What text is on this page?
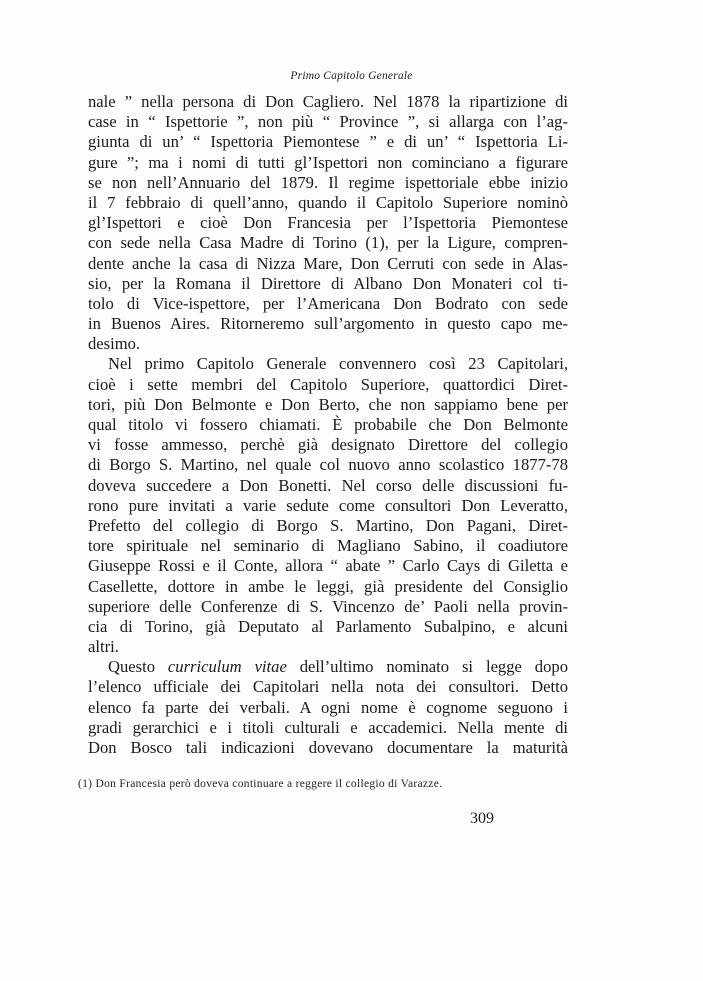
Primo Capitolo Generale
nale ” nella persona di Don Cagliero. Nel 1878 la ripartizione di
case in “ Ispettorie ”, non più “ Province ”, si allarga con l’ag-
giunta di un’ “ Ispettoria Piemontese ” e di un’ “ Ispettoria Li-
gure ”; ma i nomi di tutti gl’Ispettori non cominciano a figurare
se non nell’Annuario del 1879. Il regime ispettoriale ebbe inizio
il 7 febbraio di quell’anno, quando il Capitolo Superiore nominò
gl’Ispettori e cioè Don Francesia per l’Ispettoria Piemontese
con sede nella Casa Madre di Torino (1), per la Ligure, compren-
dente anche la casa di Nizza Mare, Don Cerruti con sede in Alas-
sio, per la Romana il Direttore di Albano Don Monateri col ti-
tolo di Vice-ispettore, per l’Americana Don Bodrato con sede
in Buenos Aires. Ritorneremo sull’argomento in questo capo me-
desimo.
Nel primo Capitolo Generale convennero così 23 Capitolari,
cioè i sette membri del Capitolo Superiore, quattordici Diret-
tori, più Don Belmonte e Don Berto, che non sappiamo bene per
qual titolo vi fossero chiamati. È probabile che Don Belmonte
vi fosse ammesso, perchè già designato Direttore del collegio
di Borgo S. Martino, nel quale col nuovo anno scolastico 1877-78
doveva succedere a Don Bonetti. Nel corso delle discussioni fu-
rono pure invitati a varie sedute come consultori Don Leveratto,
Prefetto del collegio di Borgo S. Martino, Don Pagani, Diret-
tore spirituale nel seminario di Magliano Sabino, il coadiutore
Giuseppe Rossi e il Conte, allora “ abate ” Carlo Cays di Giletta e
Casellette, dottore in ambe le leggi, già presidente del Consiglio
superiore delle Conferenze di S. Vincenzo de’ Paoli nella provin-
cia di Torino, già Deputato al Parlamento Subalpino, e alcuni
altri.
Questo curriculum vitae dell’ultimo nominato si legge dopo
l’elenco ufficiale dei Capitolari nella nota dei consultori. Detto
elenco fa parte dei verbali. A ogni nome è cognome seguono i
gradi gerarchici e i titoli culturali e accademici. Nella mente di
Don Bosco tali indicazioni dovevano documentare la maturità
(1) Don Francesia però doveva continuare a reggere il collegio di Varazze.
309
